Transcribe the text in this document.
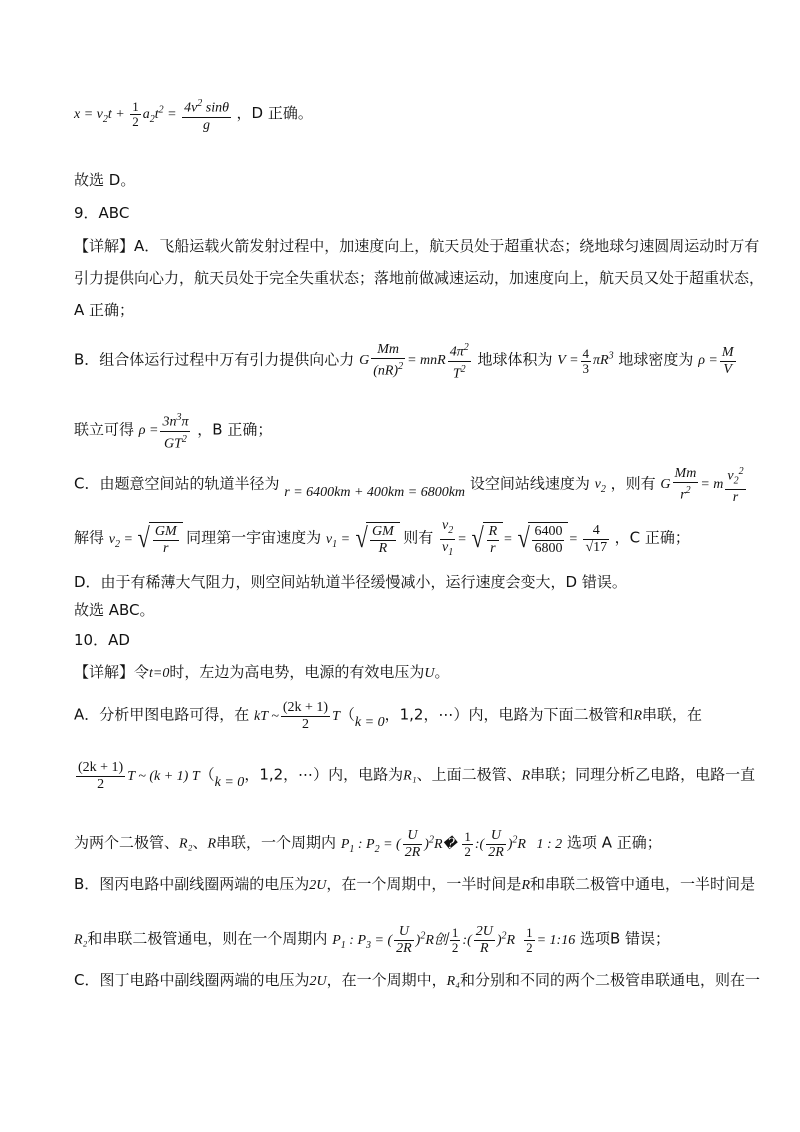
$x = v_2t + \frac{1}{2} a_2t^2 = \frac{4v^2 \sin\theta}{g}$ ，D 正确。
故选 D。
9．ABC
【详解】A．飞船运载火箭发射过程中，加速度向上，航天员处于超重状态；绕地球匀速圆周运动时万有
引力提供向心力，航天员处于完全失重状态；落地前做减速运动，加速度向上，航天员又处于超重状态，
A 正确；
B．组合体运行过程中万有引力提供向心力 G $\frac{Mm}{(nR)^2}$ = mnR $\frac{4\pi^2}{T^2}$ 地球体积为 $V = \frac{4}{3} \pi R^3$ 地球密度为 $\rho = \frac{M}{V}$
联立可得 $\rho = \frac{3n^3\pi}{GT^2}$ ，B 正确；
C．由题意空间站的轨道半径为 r = 6400km + 400km = 6800km 设空间站线速度为 $v_2$ ，则有 G $\frac{Mm}{r^2} = m \frac{v_2^2}{r}$
解得 $v_2$ = √ $\frac{GM}{r}$ 同理第一宇宙速度为 $v_1$ = √ $\frac{GM}{R}$ 则有 $\frac{v_2}{v_1}$ = √ $\frac{R}{r}$ = √ $\frac{6400}{6800} = \frac{4}{√17}$ ，C 正确；
D．由于有稀薄大气阻力，则空间站轨道半径缓慢减小，运行速度会变大，D 错误。
故选 ABC。
10．AD
【详解】令t=0时，左边为高电势，电源的有效电压为U。
A．分析甲图电路可得，在 kT ~ $\frac{(2k + 1)}{2} T(k = 0$，1,2，⋯）内，电路为下面二极管和R串联，在
$\frac{(2k + 1)}{2}$ T ~ (k + 1) T（k = 0，1,2，⋯）内，电路为R₁、上面二极管、R串联；同理分析乙电路，电路一直
为两个二极管、R₂、R串联，一个周期内 $P_1$ : $P_2$ = ( $\frac{U}{2R}$ )$^2$R� $\frac{1}{2}$ :( $\frac{U}{2R} )^2R$   1 : 2 选项 A 正确；
B．图丙电路中副线圈两端的电压为2U，在一个周期中，一半时间是R和串联二极管中通电，一半时间是
R₂和串联二极管通电，则在一个周期内 $P_1$ : $P_3$ = ( $\frac{U}{2R} )^2R$创 $\frac{1}{2}$ :( $\frac{2U}{R} )^2R \frac{1}{2}$ = 1:16 选项B 错误；
C．图丁电路中副线圈两端的电压为2U，在一个周期中，R₄和分别和不同的两个二极管串联通电，则在一
